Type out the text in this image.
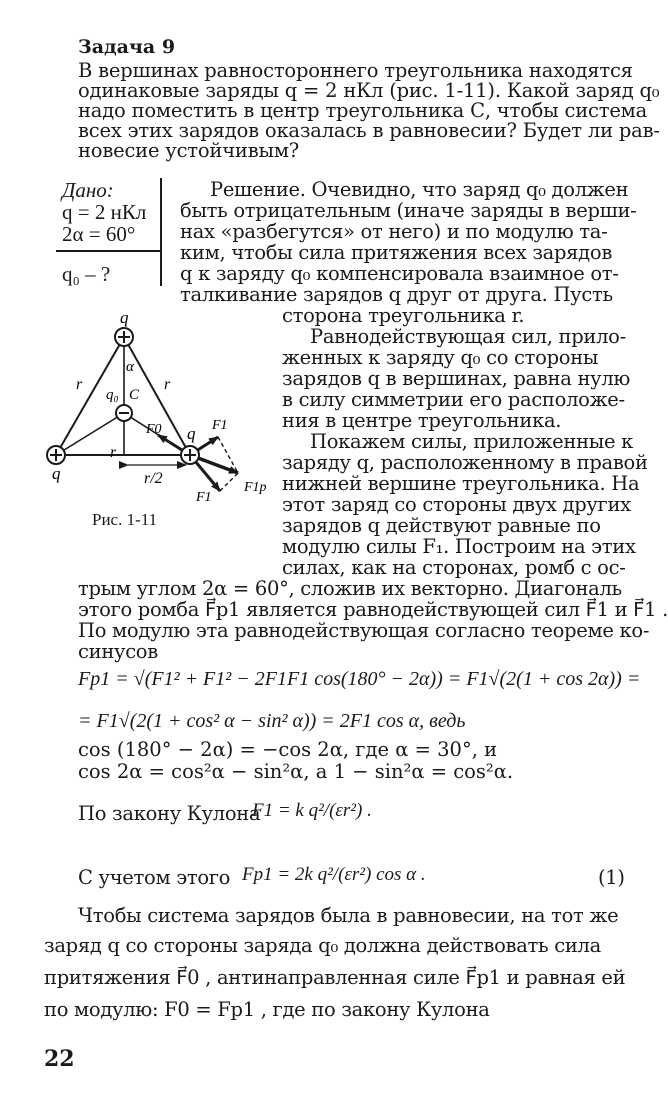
Задача 9
В вершинах равностороннего треугольника находятся
одинаковые заряды q = 2 нКл (рис. 1-11). Какой заряд q₀
надо поместить в центр треугольника С, чтобы система
всех этих зарядов оказалась в равновесии? Будет ли рав-
новесие устойчивым?
Дано:
q = 2 нКл
2α = 60°
q₀ – ?
Решение. Очевидно, что заряд q₀ должен
быть отрицательным (иначе заряды в верши-
нах «разбегутся» от него) и по модулю та-
ким, чтобы сила притяжения всех зарядов
q к заряду q₀ компенсировала взаимное от-
талкивание зарядов q друг от друга. Пусть
сторона треугольника r.
Равнодействующая сил, прило-
женных к заряду q₀ со стороны
зарядов q в вершинах, равна нулю
в силу симметрии его расположе-
ния в центре треугольника.
Покажем силы, приложенные к
заряду q, расположенному в правой
нижней вершине треугольника. На
этот заряд со стороны двух других
зарядов q действуют равные по
модулю силы F₁. Построим на этих
силах, как на сторонах, ромб с ос-
q
q
q
q₀ C
α
r	r
r
r/2
F0	F1
F1
F1p
Рис. 1-11
трым углом 2α = 60°, сложив их векторно. Диагональ
этого ромба F⃗p1 является равнодействующей сил F⃗1 и F⃗1 .
По модулю эта равнодействующая согласно теореме ко-
синусов
Fp1 = √(F1² + F1² − 2F1F1 cos(180° − 2α)) = F1√(2(1 + cos 2α)) =
= F1√(2(1 + cos² α − sin² α)) = 2F1 cos α, ведь
cos (180° − 2α) = −cos 2α, где α = 30°, и
cos 2α = cos²α − sin²α, а 1 − sin²α = cos²α.
По закону Кулона
F1 = k q²/(εr²) .
С учетом этого Fp1 = 2k q²/(εr²) cos α .	(1)
Чтобы система зарядов была в равновесии, на тот же
заряд q со стороны заряда q₀ должна действовать сила
притяжения F⃗0 , антинаправленная силе F⃗p1 и равная ей
по модулю: F0 = Fp1 , где по закону Кулона
22
